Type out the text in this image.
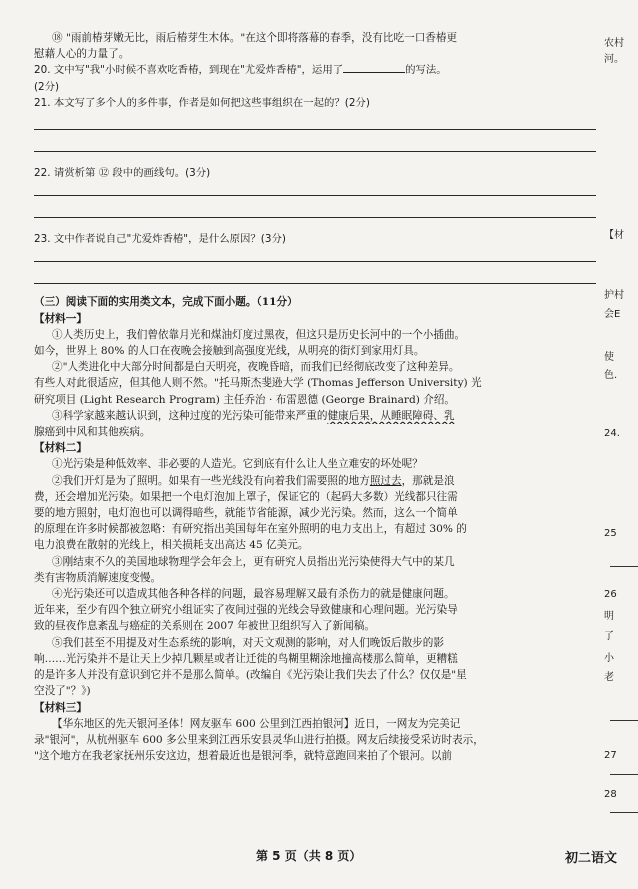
⑱ "雨前椿芽嫩无比，雨后椿芽生木体。"在这个即将落幕的春季，没有比吃一口香椿更
慰藉人心的力量了。
20. 文中写"我"小时候不喜欢吃香椿，到现在"尤爱炸香椿"，运用了	的写法。
(2分)
21. 本文写了多个人的多件事，作者是如何把这些事组织在一起的？(2分)
22. 请赏析第 ⑫ 段中的画线句。(3分)
23. 文中作者说自己"尤爱炸香椿"，是什么原因？(3分)
（三）阅读下面的实用类文本，完成下面小题。（11分）
【材料一】
①人类历史上，我们曾依靠月光和煤油灯度过黑夜，但这只是历史长河中的一个小插曲。
如今，世界上 80% 的人口在夜晚会接触到高强度光线，从明亮的街灯到家用灯具。
②"人类进化中大部分时间都是白天明亮，夜晚昏暗，而我们已经彻底改变了这种差异。
有些人对此很适应，但其他人则不然。"托马斯杰斐逊大学 (Thomas Jefferson University) 光
研究项目 (Light Research Program) 主任乔治 · 布雷恩德 (George Brainard) 介绍。
③科学家越来越认识到，这种过度的光污染可能带来严重的健康后果，从睡眠障碍、乳
腺癌到中风和其他疾病。
【材料二】
①光污染是种低效率、非必要的人造光。它到底有什么让人坐立难安的坏处呢？
②我们开灯是为了照明。如果有一些光线没有向着我们需要照的地方照过去，那就是浪
费，还会增加光污染。如果把一个电灯泡加上罩子，保证它的（起码大多数）光线都只往需
要的地方照射，电灯泡也可以调得暗些，就能节省能源，减少光污染。然而，这么一个简单
的原理在许多时候都被忽略：有研究指出美国每年在室外照明的电力支出上，有超过 30% 的
电力浪费在散射的光线上，相关损耗支出高达 45 亿美元。
③刚结束不久的美国地球物理学会年会上，更有研究人员指出光污染使得大气中的某几
类有害物质消解速度变慢。
④光污染还可以造成其他各种各样的问题，最容易理解又最有杀伤力的就是健康问题。
近年来，至少有四个独立研究小组证实了夜间过强的光线会导致健康和心理问题。光污染导
致的昼夜作息紊乱与癌症的关系则在 2007 年被世卫组织写入了新闻稿。
⑤我们甚至不用提及对生态系统的影响，对天文观测的影响，对人们晚饭后散步的影
响……光污染并不是让天上少掉几颗星或者让迁徙的鸟糊里糊涂地撞高楼那么简单，更糟糕
的是许多人并没有意识到它并不是那么简单。(改编自《光污染让我们失去了什么？仅仅是"星
空没了"？》)
【材料三】
【华东地区的先天银河圣体！网友驱车 600 公里到江西拍银河】近日，一网友为完美记
录"银河"，从杭州驱车 600 多公里来到江西乐安县灵华山进行拍摄。网友后续接受采访时表示，
"这个地方在我老家抚州乐安这边，想着最近也是银河季，就特意跑回来拍了个银河。以前
农村
河。
【材
护村
会E
使
色.
24.
25
26
明
了
小
老
27
28
第 5 页（共 8 页）	初二语文
